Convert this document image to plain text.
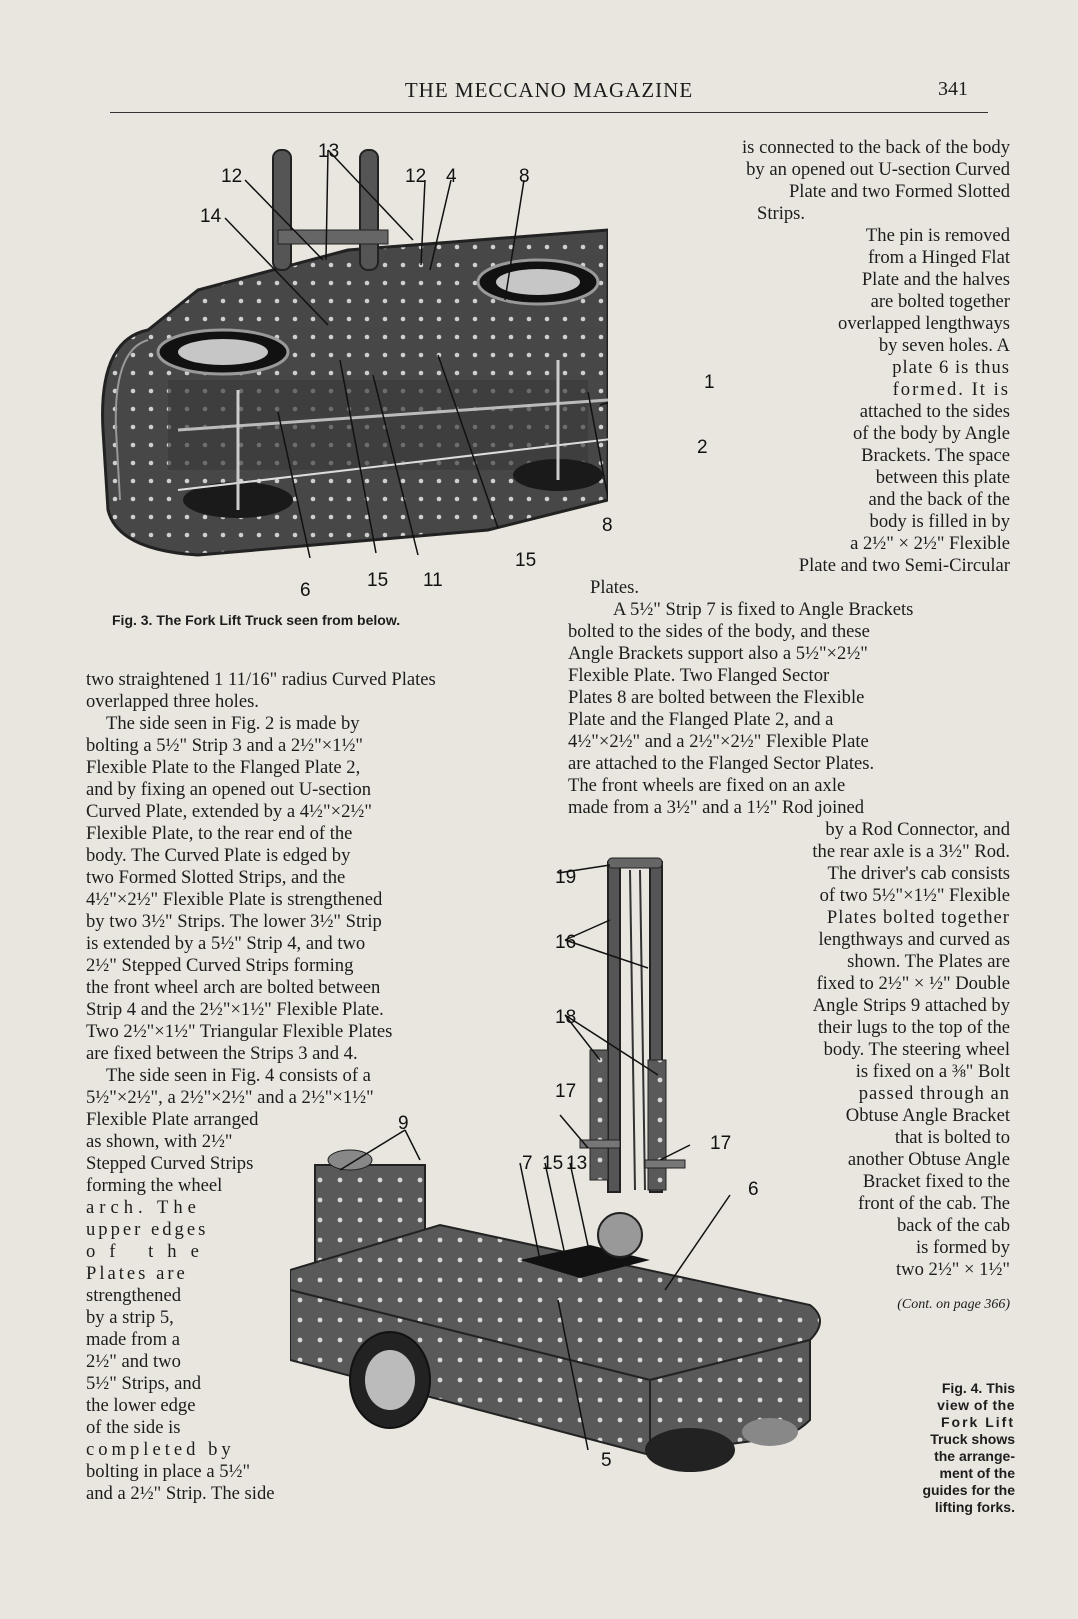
THE MECCANO MAGAZINE	341
13
12	12 4	8
14
1
2
8
15
6	15 11
Fig. 3. The Fork Lift Truck seen from below.

is connected to the back of the body

by an opened out U-section Curved

Plate and two Formed Slotted

Strips.

The pin is removed

from a Hinged Flat

Plate and the halves

are bolted together

overlapped lengthways

by seven holes. A

plate 6 is thus

formed. It is

attached to the sides

of the body by Angle

Brackets. The space

between this plate

and the back of the

body is filled in by

a 2½" × 2½" Flexible

Plate and two Semi-Circular

Plates.

A 5½" Strip 7 is fixed to Angle Brackets

bolted to the sides of the body, and these

Angle Brackets support also a 5½"×2½"

Flexible Plate. Two Flanged Sector

Plates 8 are bolted between the Flexible

Plate and the Flanged Plate 2, and a

4½"×2½" and a 2½"×2½" Flexible Plate

are attached to the Flanged Sector Plates.

The front wheels are fixed on an axle

made from a 3½" and a 1½" Rod joined

by a Rod Connector, and

the rear axle is a 3½" Rod.

The driver's cab consists

of two 5½"×1½" Flexible

Plates bolted together

lengthways and curved as

shown. The Plates are

fixed to 2½" × ½" Double

Angle Strips 9 attached by

their lugs to the top of the

body. The steering wheel

is fixed on a ⅜" Bolt

passed through an

Obtuse Angle Bracket

that is bolted to

another Obtuse Angle

Bracket fixed to the

front of the cab. The

back of the cab

is formed by

two 2½" × 1½"

(Cont. on page 366)

two straightened 1 11/16" radius Curved Plates

overlapped three holes.

The side seen in Fig. 2 is made by

bolting a 5½" Strip 3 and a 2½"×1½"

Flexible Plate to the Flanged Plate 2,

and by fixing an opened out U-section

Curved Plate, extended by a 4½"×2½"

Flexible Plate, to the rear end of the

body. The Curved Plate is edged by

two Formed Slotted Strips, and the

4½"×2½" Flexible Plate is strengthened

by two 3½" Strips. The lower 3½" Strip

is extended by a 5½" Strip 4, and two

2½" Stepped Curved Strips forming

the front wheel arch are bolted between

Strip 4 and the 2½"×1½" Flexible Plate.

Two 2½"×1½" Triangular Flexible Plates

are fixed between the Strips 3 and 4.

The side seen in Fig. 4 consists of a

5½"×2½", a 2½"×2½" and a 2½"×1½"

Flexible Plate arranged

as shown, with 2½"

Stepped Curved Strips

forming the wheel

arch. The

upper edges

of the

Plates are

strengthened

by a strip 5,

made from a

2½" and two

5½" Strips, and

the lower edge

of the side is

completed by

bolting in place a 5½"

and a 2½" Strip. The side

19
16
18
17
17
7 15 13
9
6
5
Fig. 4. This
view of the
Fork Lift
Truck shows
the arrange-
ment of the
guides for the
lifting forks.
